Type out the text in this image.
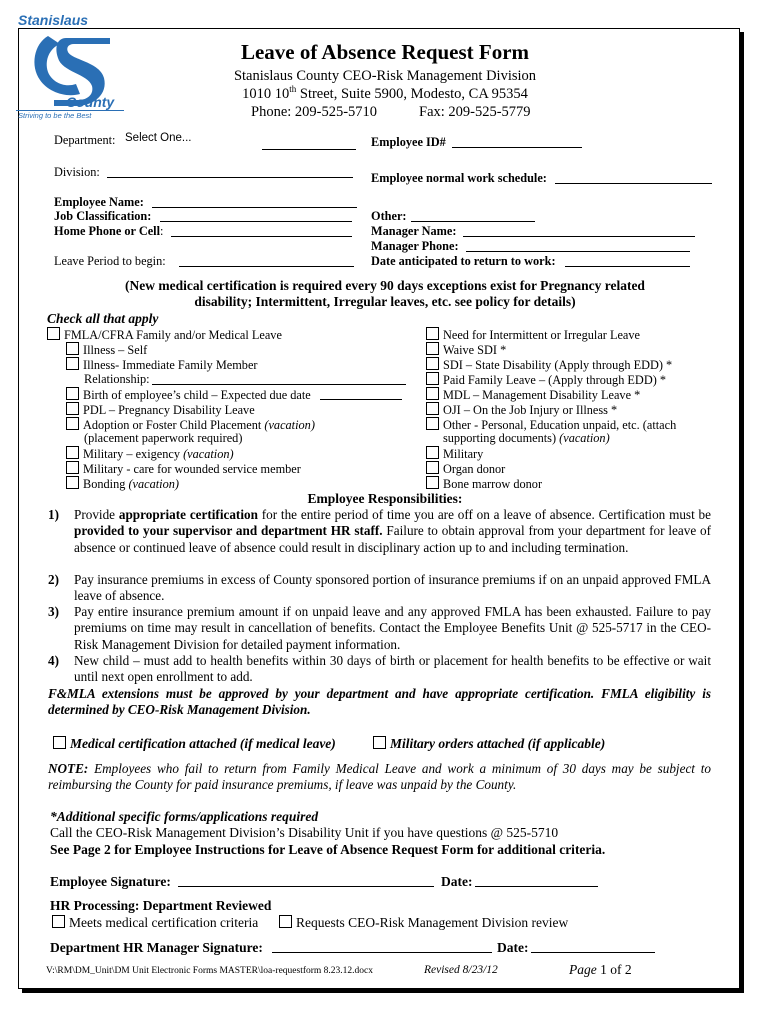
Stanislaus
County
Striving to be the Best
Leave of Absence Request Form
Stanislaus County CEO-Risk Management Division
1010 10th Street, Suite 5900, Modesto, CA 95354
Phone: 209-525-5710	Fax: 209-525-5779
Department: Select One...	Employee ID#
Division:	Employee normal work schedule:
Employee Name:
Job Classification:
Home Phone or Cell:
Leave Period to begin:
Other:
Manager Name:
Manager Phone:
Date anticipated to return to work:
(New medical certification is required every 90 days exceptions exist for Pregnancy related
disability; Intermittent, Irregular leaves, etc. see policy for details)
Check all that apply
FMLA/CFRA Family and/or Medical Leave
Illness – Self
Illness- Immediate Family Member
Relationship:
Birth of employee’s child – Expected due date
PDL – Pregnancy Disability Leave
Adoption or Foster Child Placement (vacation)
(placement paperwork required)
Military – exigency (vacation)
Military - care for wounded service member
Bonding (vacation)
Need for Intermittent or Irregular Leave
Waive SDI *
SDI – State Disability (Apply through EDD) *
Paid Family Leave – (Apply through EDD) *
MDL – Management Disability Leave *
OJI – On the Job Injury or Illness *
Other - Personal, Education unpaid, etc. (attach
supporting documents) (vacation)
Military
Organ donor
Bone marrow donor
Employee Responsibilities:
1) Provide appropriate certification for the entire period of time you are off on a leave of absence. Certification must be provided to your supervisor and department HR staff. Failure to obtain approval from your department for leave of absence or continued leave of absence could result in disciplinary action up to and including termination.
2) Pay insurance premiums in excess of County sponsored portion of insurance premiums if on an unpaid approved FMLA leave of absence.
3) Pay entire insurance premium amount if on unpaid leave and any approved FMLA has been exhausted. Failure to pay premiums on time may result in cancellation of benefits. Contact the Employee Benefits Unit @ 525-5717 in the CEO-Risk Management Division for detailed payment information.
4) New child – must add to health benefits within 30 days of birth or placement for health benefits to be effective or wait until next open enrollment to add.
F&MLA extensions must be approved by your department and have appropriate certification. FMLA eligibility is determined by CEO-Risk Management Division.
Medical certification attached (if medical leave)	Military orders attached (if applicable)
NOTE: Employees who fail to return from Family Medical Leave and work a minimum of 30 days may be subject to reimbursing the County for paid insurance premiums, if leave was unpaid by the County.
*Additional specific forms/applications required
Call the CEO-Risk Management Division’s Disability Unit if you have questions @ 525-5710
See Page 2 for Employee Instructions for Leave of Absence Request Form for additional criteria.
Employee Signature:	Date:
HR Processing: Department Reviewed
Meets medical certification criteria	Requests CEO-Risk Management Division review
Department HR Manager Signature:	Date:
V:\RM\DM_Unit\DM Unit Electronic Forms MASTER\loa-requestform 8.23.12.docx	Revised 8/23/12	Page 1 of 2
